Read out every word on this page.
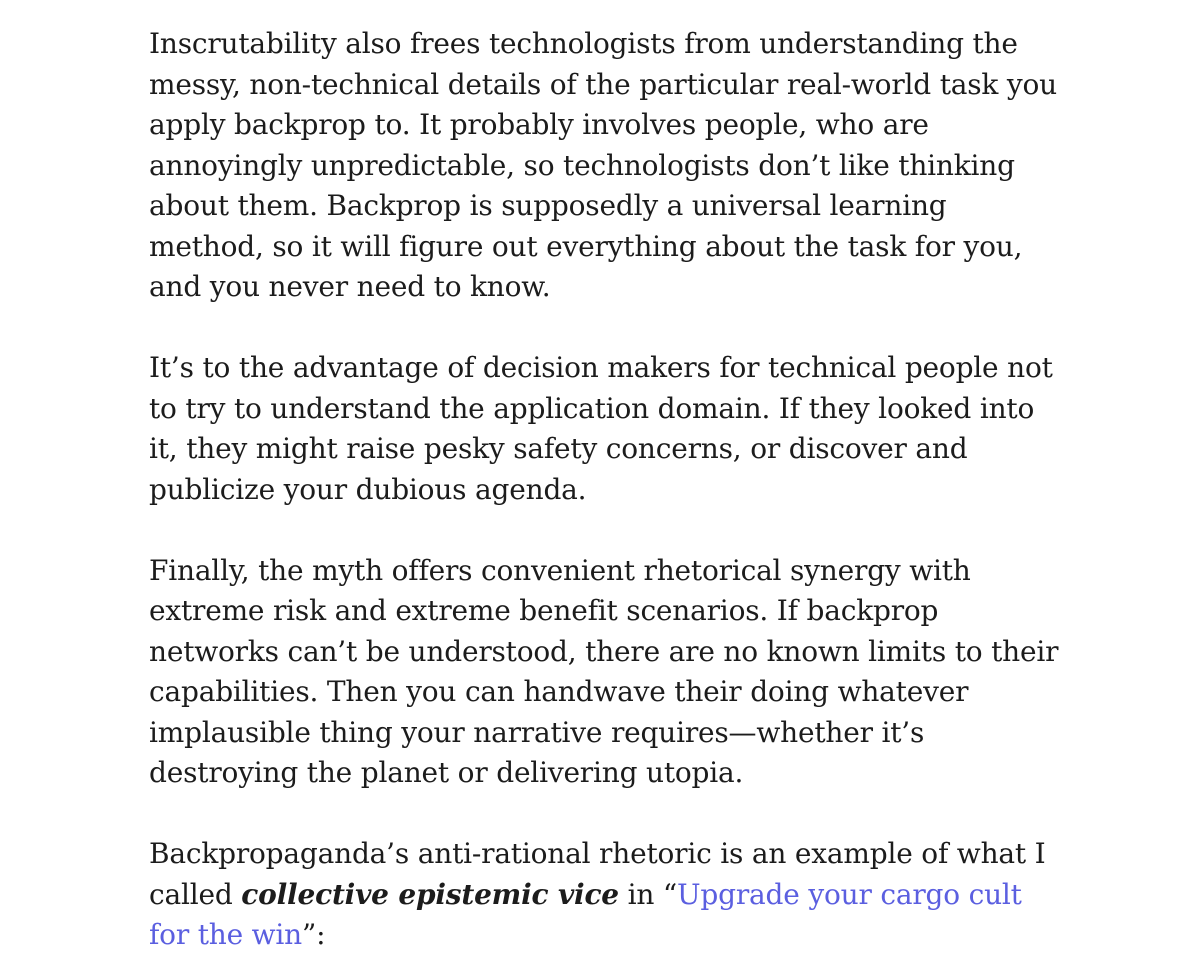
Inscrutability also frees technologists from understanding the messy, non-technical details of the particular real-world task you apply backprop to. It probably involves people, who are annoyingly unpredictable, so technologists don’t like thinking about them. Backprop is supposedly a universal learning method, so it will figure out everything about the task for you, and you never need to know.

It’s to the advantage of decision makers for technical people not to try to understand the application domain. If they looked into it, they might raise pesky safety concerns, or discover and publicize your dubious agenda.

Finally, the myth offers convenient rhetorical synergy with extreme risk and extreme benefit scenarios. If backprop networks can’t be understood, there are no known limits to their capabilities. Then you can handwave their doing whatever implausible thing your narrative requires—whether it’s destroying the planet or delivering utopia.

Backpropaganda’s anti-rational rhetoric is an example of what I called collective epistemic vice in “Upgrade your cargo cult for the win”:
